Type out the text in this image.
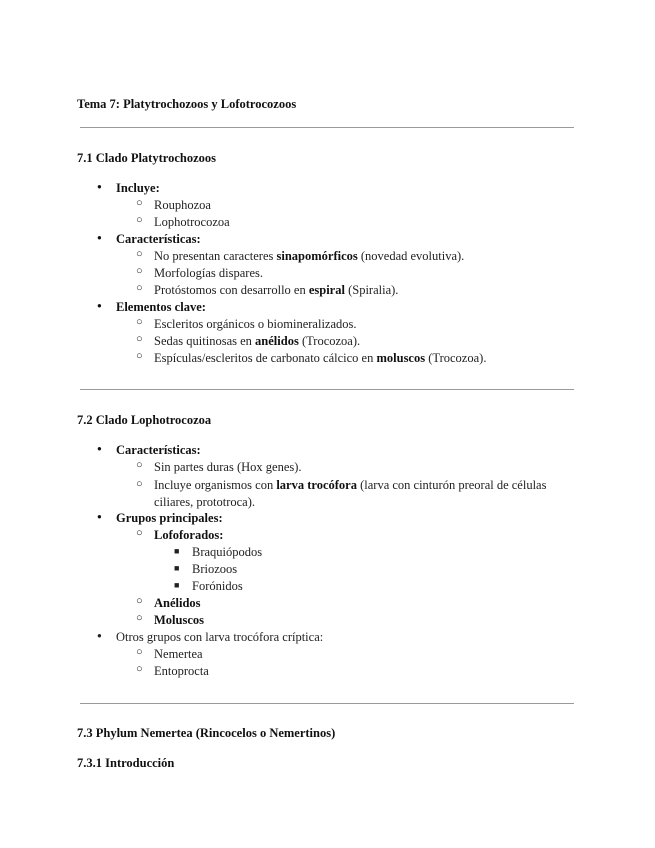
Tema 7: Platytrochozoos y Lofotrocozoos
7.1 Clado Platytrochozoos
● Incluye:
○ Rouphozoa
○ Lophotrocozoa
● Características:
○ No presentan caracteres sinapomórficos (novedad evolutiva).
○ Morfologías dispares.
○ Protóstomos con desarrollo en espiral (Spiralia).
● Elementos clave:
○ Escleritos orgánicos o biomineralizados.
○ Sedas quitinosas en anélidos (Trocozoa).
○ Espículas/escleritos de carbonato cálcico en moluscos (Trocozoa).
7.2 Clado Lophotrocozoa
● Características:
○ Sin partes duras (Hox genes).
○ Incluye organismos con larva trocófora (larva con cinturón preoral de células ciliares, prototroca).
● Grupos principales:
○ Lofoforados:
■ Braquiópodos
■ Briozoos
■ Forónidos
○ Anélidos
○ Moluscos
● Otros grupos con larva trocófora críptica:
○ Nemertea
○ Entoprocta
7.3 Phylum Nemertea (Rincocelos o Nemertinos)
7.3.1 Introducción
